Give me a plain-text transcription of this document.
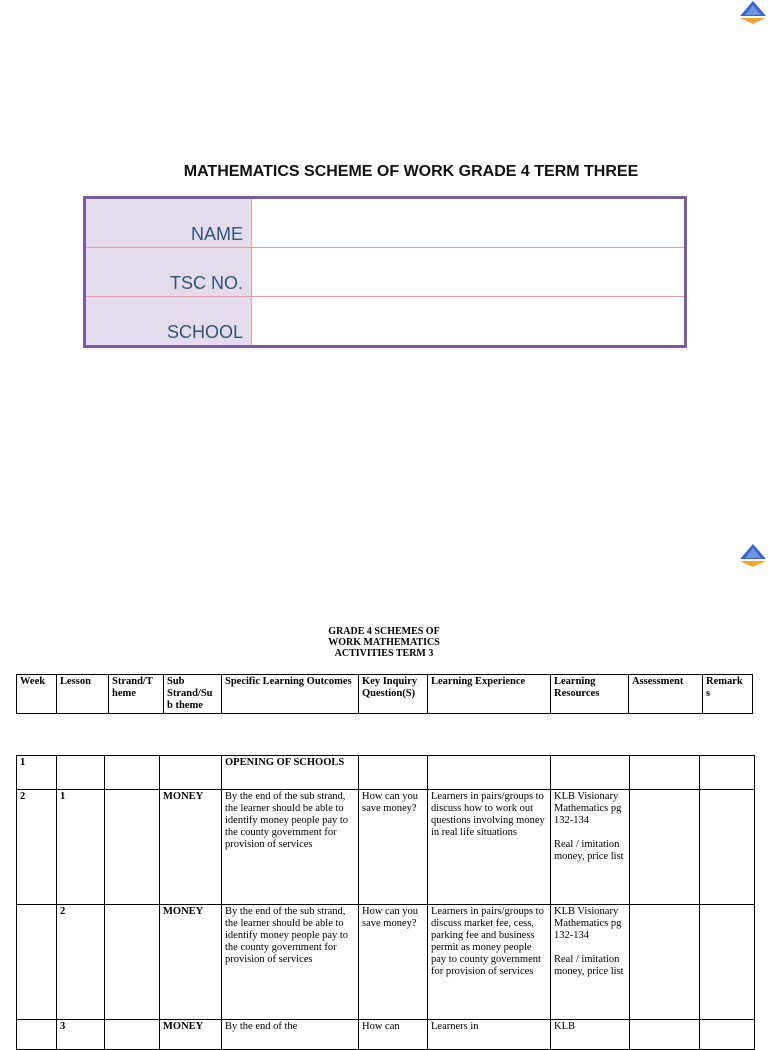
MATHEMATICS SCHEME OF WORK GRADE 4 TERM THREE
NAME	
TSC NO.	
SCHOOL	
GRADE 4 SCHEMES OF
WORK MATHEMATICS
ACTIVITIES TERM 3
Week	Lesson	Strand/T heme	Sub Strand/Su b theme	Specific Learning Outcomes	Key Inquiry Question(S)	Learning Experience	Learning Resources	Assessment	Remark s
1				OPENING OF SCHOOLS			

2	1		MONEY	By the end of the sub strand, the learner should be able to identify money people pay to the county government for provision of services	How can you save money?	Learners in pairs/groups to discuss how to work out questions involving money in real life situations	KLB Visionary Mathematics pg 132-134
Real / imitation money, price list		

	2		MONEY	By the end of the sub strand, the learner should be able to identify money people pay to the county government for provision of services	How can you save money?	Learners in pairs/groups to discuss market fee, cess, parking fee and business permit as money people pay to county government for provision of services	KLB Visionary Mathematics pg 132-134
Real / imitation money, price list		

	3		MONEY	By the end of the	How can	Learners in	KLB		
